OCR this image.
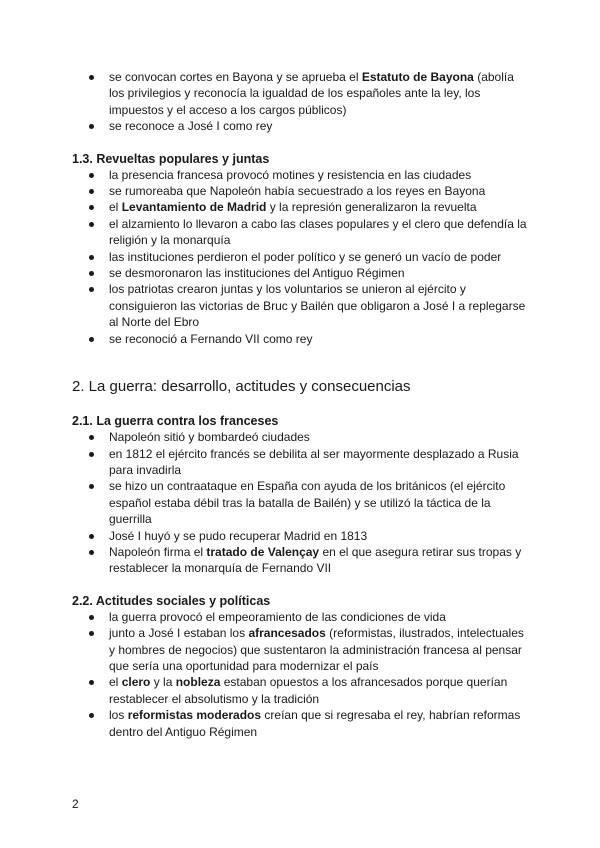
se convocan cortes en Bayona y se aprueba el Estatuto de Bayona (abolía los privilegios y reconocía la igualdad de los españoles ante la ley, los impuestos y el acceso a los cargos públicos)
se reconoce a José I como rey
1.3. Revueltas populares y juntas
la presencia francesa provocó motines y resistencia en las ciudades
se rumoreaba que Napoleón había secuestrado a los reyes en Bayona
el Levantamiento de Madrid y la represión generalizaron la revuelta
el alzamiento lo llevaron a cabo las clases populares y el clero que defendía la religión y la monarquía
las instituciones perdieron el poder político y se generó un vacío de poder
se desmoronaron las instituciones del Antiguo Régimen
los patriotas crearon juntas y los voluntarios se unieron al ejército y consiguieron las victorias de Bruc y Bailén que obligaron a José I a replegarse al Norte del Ebro
se reconoció a Fernando VII como rey
2. La guerra: desarrollo, actitudes y consecuencias
2.1. La guerra contra los franceses
Napoleón sitió y bombardeó ciudades
en 1812 el ejército francés se debilita al ser mayormente desplazado a Rusia para invadirla
se hizo un contraataque en España con ayuda de los británicos (el ejército español estaba débil tras la batalla de Bailén) y se utilizó la táctica de la guerrilla
José I huyó y se pudo recuperar Madrid en 1813
Napoleón firma el tratado de Valençay en el que asegura retirar sus tropas y restablecer la monarquía de Fernando VII
2.2. Actitudes sociales y políticas
la guerra provocó el empeoramiento de las condiciones de vida
junto a José I estaban los afrancesados (reformistas, ilustrados, intelectuales y hombres de negocios) que sustentaron la administración francesa al pensar que sería una oportunidad para modernizar el país
el clero y la nobleza estaban opuestos a los afrancesados porque querían restablecer el absolutismo y la tradición
los reformistas moderados creían que si regresaba el rey, habrían reformas dentro del Antiguo Régimen
2
